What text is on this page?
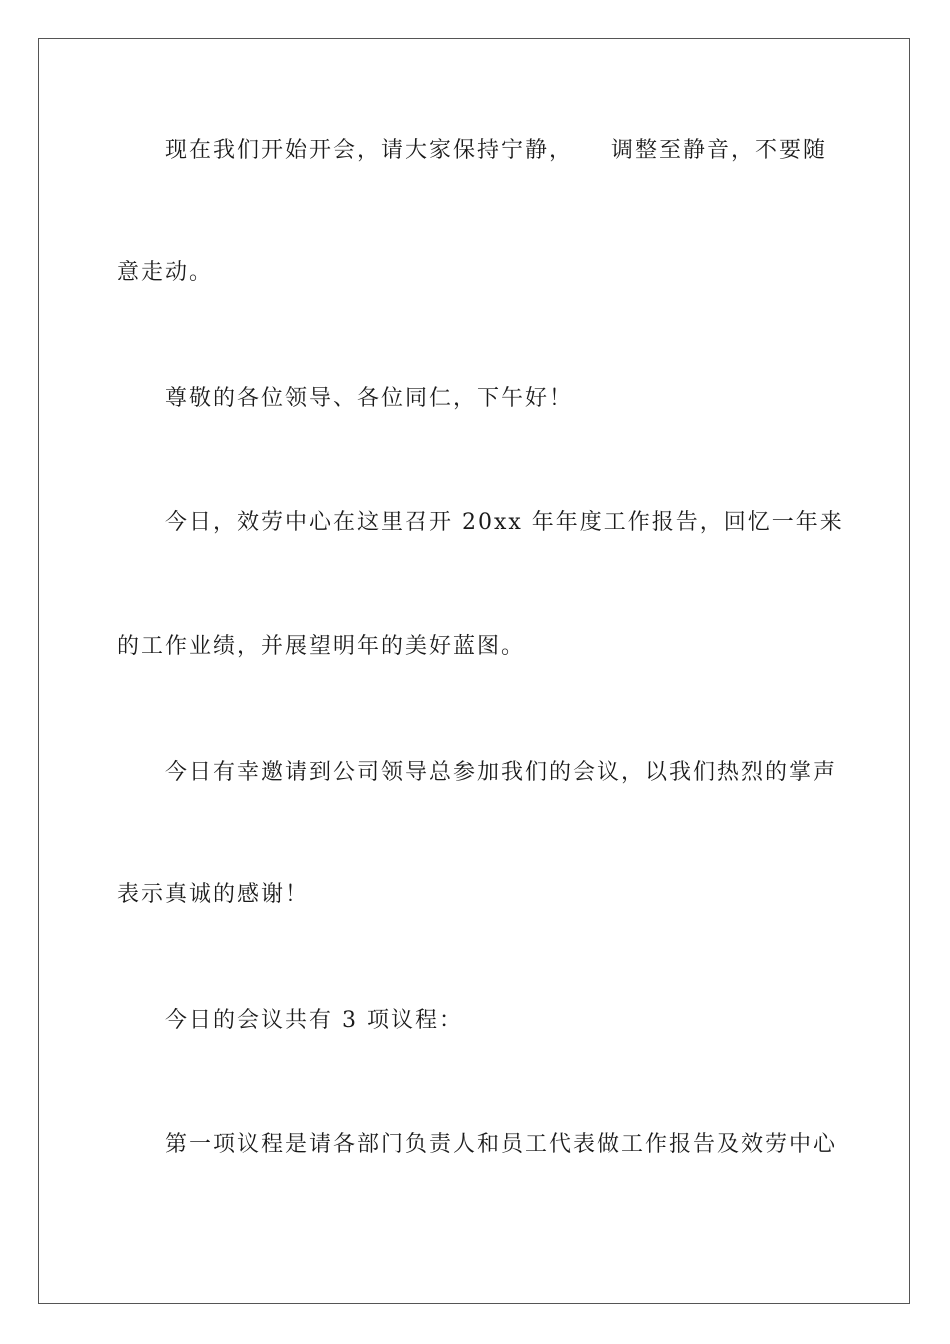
现在我们开始开会，请大家保持宁静， 调整至静音，不要随
意走动。
尊敬的各位领导、各位同仁，下午好！
今日，效劳中心在这里召开 20xx 年年度工作报告，回忆一年来
的工作业绩，并展望明年的美好蓝图。
今日有幸邀请到公司领导总参加我们的会议，以我们热烈的掌声
表示真诚的感谢！
今日的会议共有 3 项议程：
第一项议程是请各部门负责人和员工代表做工作报告及效劳中心
